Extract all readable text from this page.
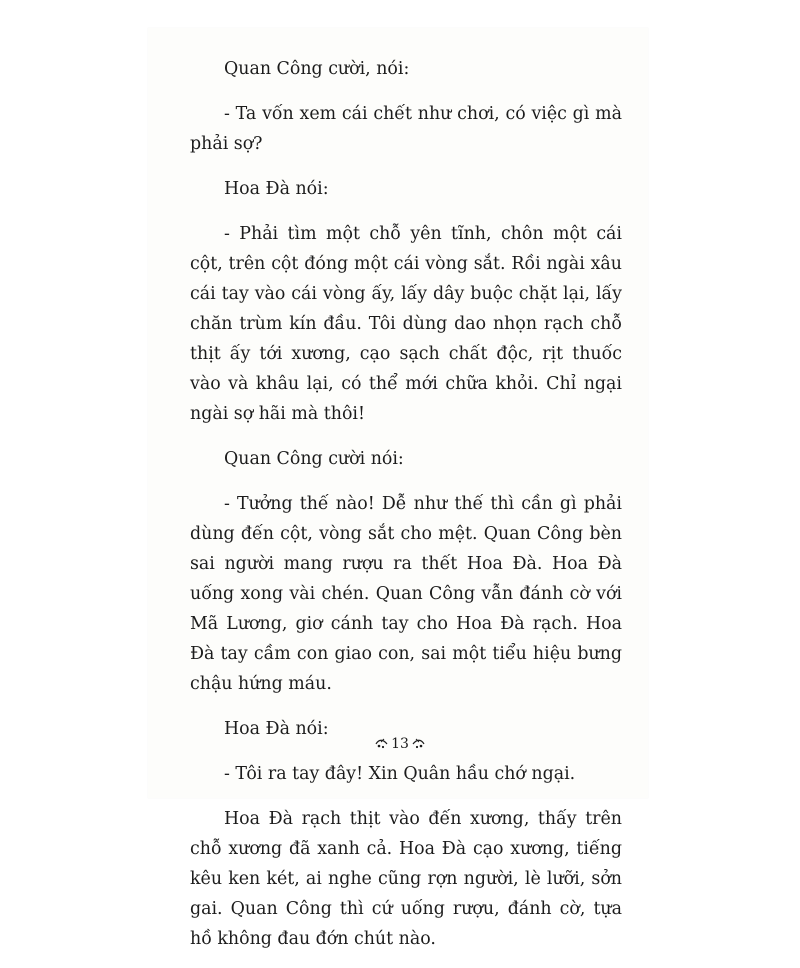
Quan Công cười, nói:

- Ta vốn xem cái chết như chơi, có việc gì mà phải sợ?

Hoa Đà nói:

- Phải tìm một chỗ yên tĩnh, chôn một cái cột, trên cột đóng một cái vòng sắt. Rồi ngài xâu cái tay vào cái vòng ấy, lấy dây buộc chặt lại, lấy chăn trùm kín đầu. Tôi dùng dao nhọn rạch chỗ thịt ấy tới xương, cạo sạch chất độc, rịt thuốc vào và khâu lại, có thể mới chữa khỏi. Chỉ ngại ngài sợ hãi mà thôi!

Quan Công cười nói:

- Tưởng thế nào! Dễ như thế thì cần gì phải dùng đến cột, vòng sắt cho mệt. Quan Công bèn sai người mang rượu ra thết Hoa Đà. Hoa Đà uống xong vài chén. Quan Công vẫn đánh cờ với Mã Lương, giơ cánh tay cho Hoa Đà rạch. Hoa Đà tay cầm con giao con, sai một tiểu hiệu bưng chậu hứng máu.

Hoa Đà nói:

- Tôi ra tay đây! Xin Quân hầu chớ ngại.

Hoa Đà rạch thịt vào đến xương, thấy trên chỗ xương đã xanh cả. Hoa Đà cạo xương, tiếng kêu ken két, ai nghe cũng rợn người, lè lưỡi, sởn gai. Quan Công thì cứ uống rượu, đánh cờ, tựa hồ không đau đớn chút nào.

13
